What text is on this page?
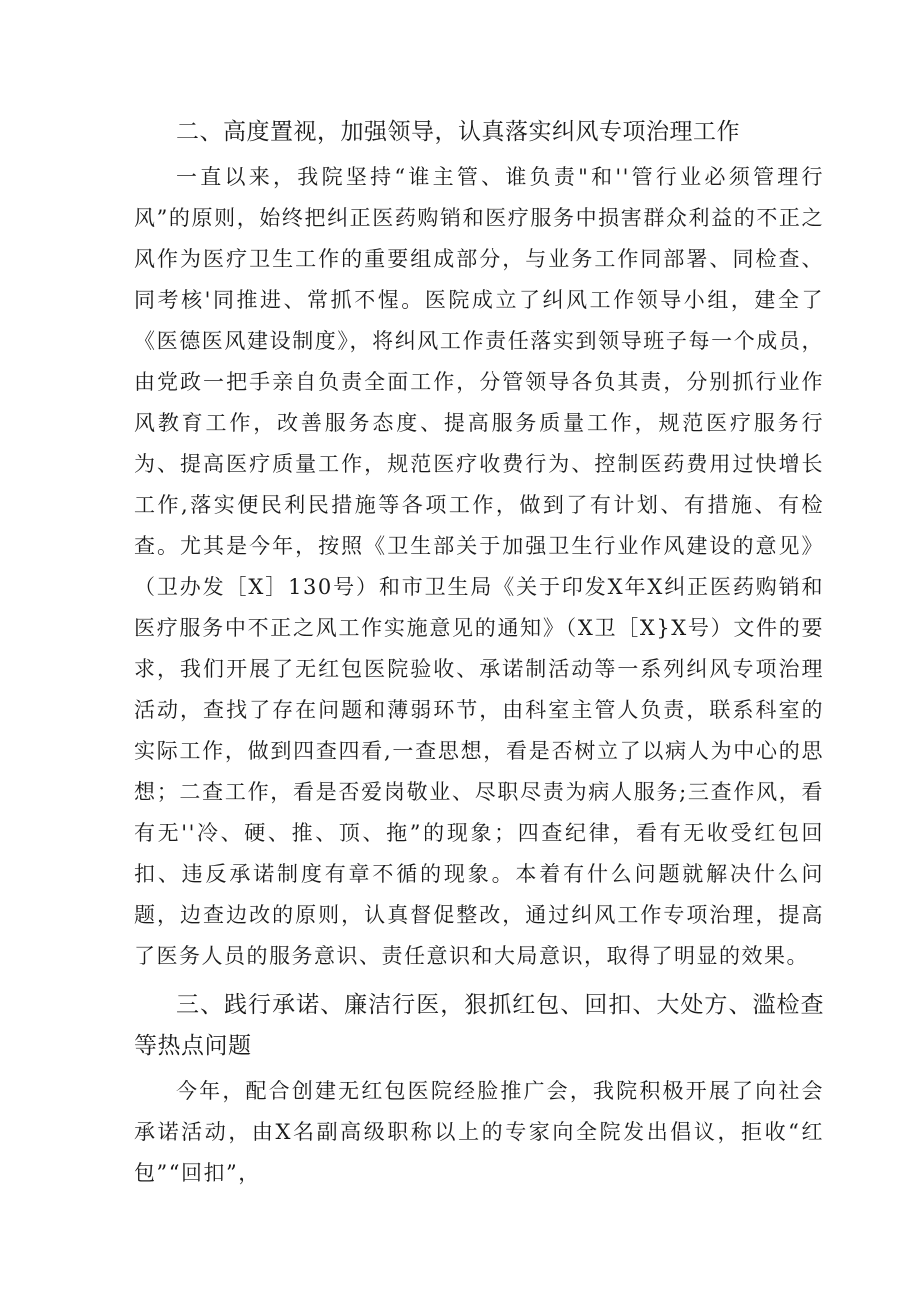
二、高度置视，加强领导，认真落实纠风专项治理工作

一直以来，我院坚持“谁主管、谁负责"和''管行业必须管理行风”的原则，始终把纠正医药购销和医疗服务中损害群众利益的不正之风作为医疗卫生工作的重要组成部分，与业务工作同部署、同检查、同考核'同推进、常抓不惺。医院成立了纠风工作领导小组，建全了《医德医风建设制度》，将纠风工作责任落实到领导班子每一个成员，由党政一把手亲自负责全面工作，分管领导各负其责，分别抓行业作风教育工作，改善服务态度、提高服务质量工作，规范医疗服务行为、提高医疗质量工作，规范医疗收费行为、控制医药费用过快增长工作,落实便民利民措施等各项工作，做到了有计划、有措施、有检查。尤其是今年，按照《卫生部关于加强卫生行业作风建设的意见》（卫办发［X］130号）和市卫生局《关于印发X年X纠正医药购销和医疗服务中不正之风工作实施意见的通知》（X卫［X}X号）文件的要求，我们开展了无红包医院验收、承诺制活动等一系列纠风专项治理活动，查找了存在问题和薄弱环节，由科室主管人负责，联系科室的实际工作，做到四查四看,一查思想，看是否树立了以病人为中心的思想；二查工作，看是否爱岗敬业、尽职尽责为病人服务;三查作风，看有无''冷、硬、推、顶、拖”的现象；四查纪律，看有无收受红包回扣、违反承诺制度有章不循的现象。本着有什么问题就解决什么问题，边查边改的原则，认真督促整改，通过纠风工作专项治理，提高了医务人员的服务意识、责任意识和大局意识，取得了明显的效果。

三、践行承诺、廉洁行医，狠抓红包、回扣、大处方、滥检查等热点问题

今年，配合创建无红包医院经脸推广会，我院积极开展了向社会承诺活动，由X名副高级职称以上的专家向全院发出倡议，拒收“红包”“回扣”，
